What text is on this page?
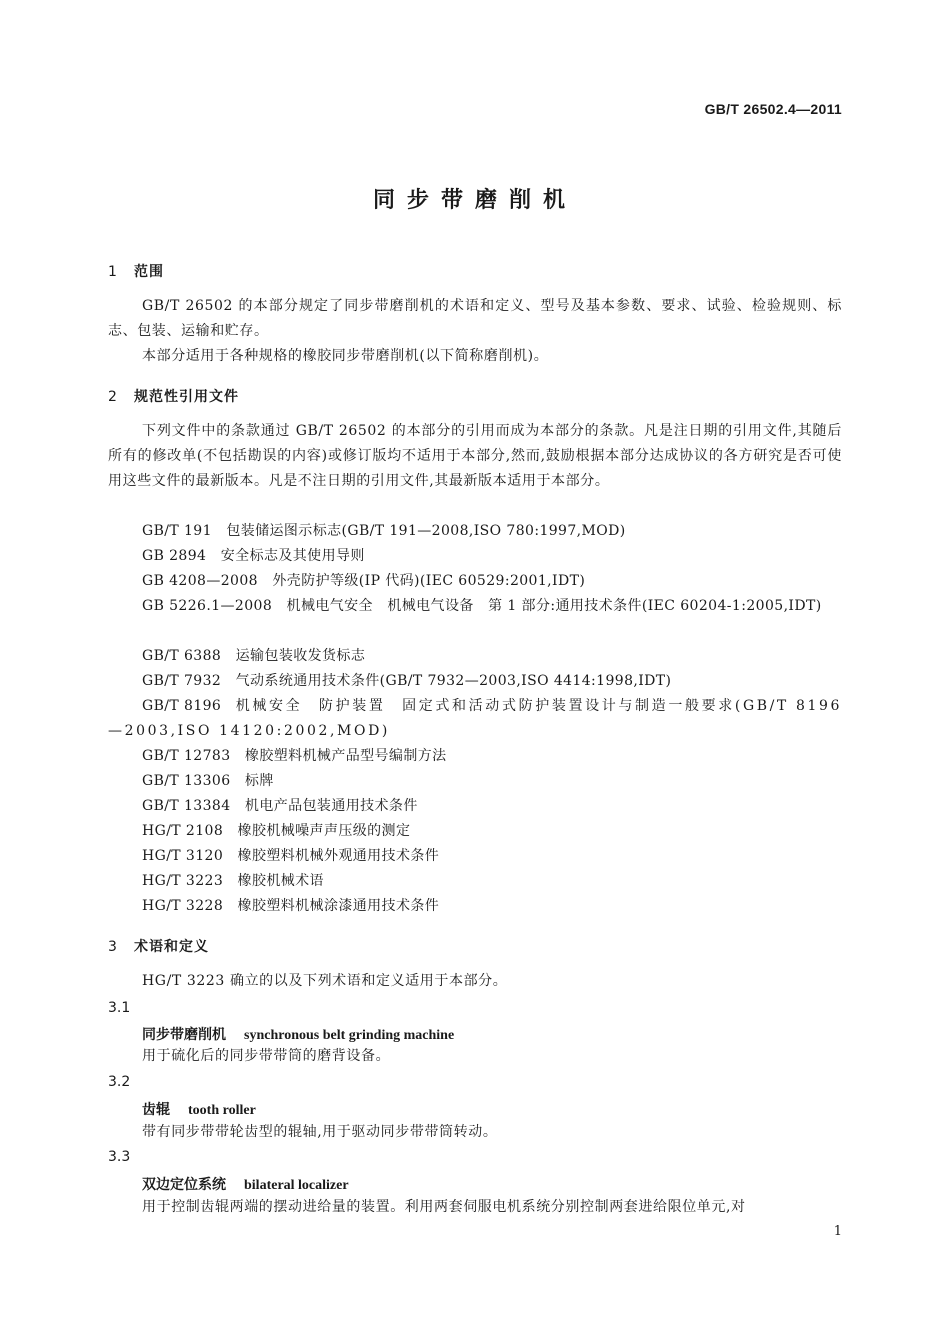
GB/T 26502.4—2011
同步带磨削机
1 范围
GB/T 26502 的本部分规定了同步带磨削机的术语和定义、型号及基本参数、要求、试验、检验规则、标志、包装、运输和贮存。
本部分适用于各种规格的橡胶同步带磨削机(以下简称磨削机)。
2 规范性引用文件
下列文件中的条款通过 GB/T 26502 的本部分的引用而成为本部分的条款。凡是注日期的引用文件,其随后所有的修改单(不包括勘误的内容)或修订版均不适用于本部分,然而,鼓励根据本部分达成协议的各方研究是否可使用这些文件的最新版本。凡是不注日期的引用文件,其最新版本适用于本部分。
GB/T 191　 包装储运图示标志(GB/T 191—2008,ISO 780:1997,MOD)
GB 2894　 安全标志及其使用导则
GB 4208—2008　 外壳防护等级(IP 代码)(IEC 60529:2001,IDT)
GB 5226.1—2008　 机械电气安全　机械电气设备　第 1 部分:通用技术条件(IEC 60204-1:2005,IDT)
GB/T 6388　 运输包装收发货标志
GB/T 7932　 气动系统通用技术条件(GB/T 7932—2003,ISO 4414:1998,IDT)
GB/T 8196　 机械安全　防护装置　固定式和活动式防护装置设计与制造一般要求(GB/T 8196—2003,ISO 14120:2002,MOD)
GB/T 12783　 橡胶塑料机械产品型号编制方法
GB/T 13306　 标牌
GB/T 13384　 机电产品包装通用技术条件
HG/T 2108　 橡胶机械噪声声压级的测定
HG/T 3120　 橡胶塑料机械外观通用技术条件
HG/T 3223　 橡胶机械术语
HG/T 3228　 橡胶塑料机械涂漆通用技术条件
3 术语和定义
HG/T 3223 确立的以及下列术语和定义适用于本部分。
3.1
同步带磨削机 synchronous belt grinding machine
用于硫化后的同步带带筒的磨背设备。
3.2
齿辊 tooth roller
带有同步带带轮齿型的辊轴,用于驱动同步带带筒转动。
3.3
双边定位系统 bilateral localizer
用于控制齿辊两端的摆动进给量的装置。利用两套伺服电机系统分别控制两套进给限位单元,对
1
